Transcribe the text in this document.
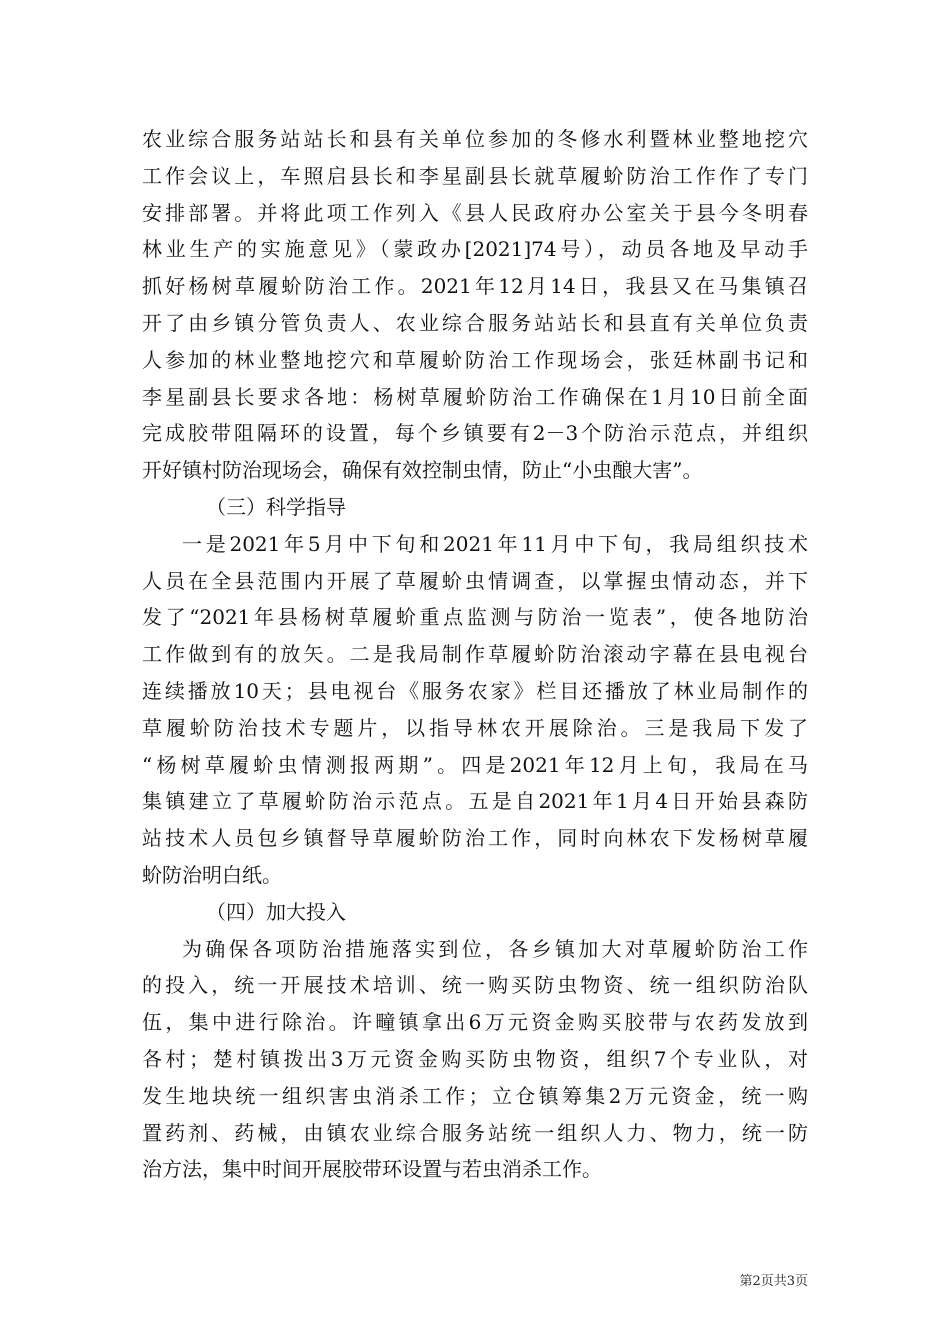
农业综合服务站站长和县有关单位参加的冬修水利暨林业整地挖穴
工作会议上，车照启县长和李星副县长就草履蚧防治工作作了专门
安排部署。并将此项工作列入《县人民政府办公室关于县今冬明春
林业生产的实施意见》（蒙政办[2021]74号），动员各地及早动手
抓好杨树草履蚧防治工作。2021年12月14日，我县又在马集镇召
开了由乡镇分管负责人、农业综合服务站站长和县直有关单位负责
人参加的林业整地挖穴和草履蚧防治工作现场会，张廷林副书记和
李星副县长要求各地：杨树草履蚧防治工作确保在1月10日前全面
完成胶带阻隔环的设置，每个乡镇要有2－3个防治示范点，并组织
开好镇村防治现场会，确保有效控制虫情，防止“小虫酿大害”。
（三）科学指导
一是2021年5月中下旬和2021年11月中下旬，我局组织技术
人员在全县范围内开展了草履蚧虫情调查，以掌握虫情动态，并下
发了“2021年县杨树草履蚧重点监测与防治一览表”，使各地防治
工作做到有的放矢。二是我局制作草履蚧防治滚动字幕在县电视台
连续播放10天；县电视台《服务农家》栏目还播放了林业局制作的
草履蚧防治技术专题片，以指导林农开展除治。三是我局下发了
“杨树草履蚧虫情测报两期”。四是2021年12月上旬，我局在马
集镇建立了草履蚧防治示范点。五是自2021年1月4日开始县森防
站技术人员包乡镇督导草履蚧防治工作，同时向林农下发杨树草履
蚧防治明白纸。
（四）加大投入
为确保各项防治措施落实到位，各乡镇加大对草履蚧防治工作
的投入，统一开展技术培训、统一购买防虫物资、统一组织防治队
伍，集中进行除治。许疃镇拿出6万元资金购买胶带与农药发放到
各村；楚村镇拨出3万元资金购买防虫物资，组织7个专业队，对
发生地块统一组织害虫消杀工作；立仓镇筹集2万元资金，统一购
置药剂、药械，由镇农业综合服务站统一组织人力、物力，统一防
治方法，集中时间开展胶带环设置与若虫消杀工作。
第2页共3页
